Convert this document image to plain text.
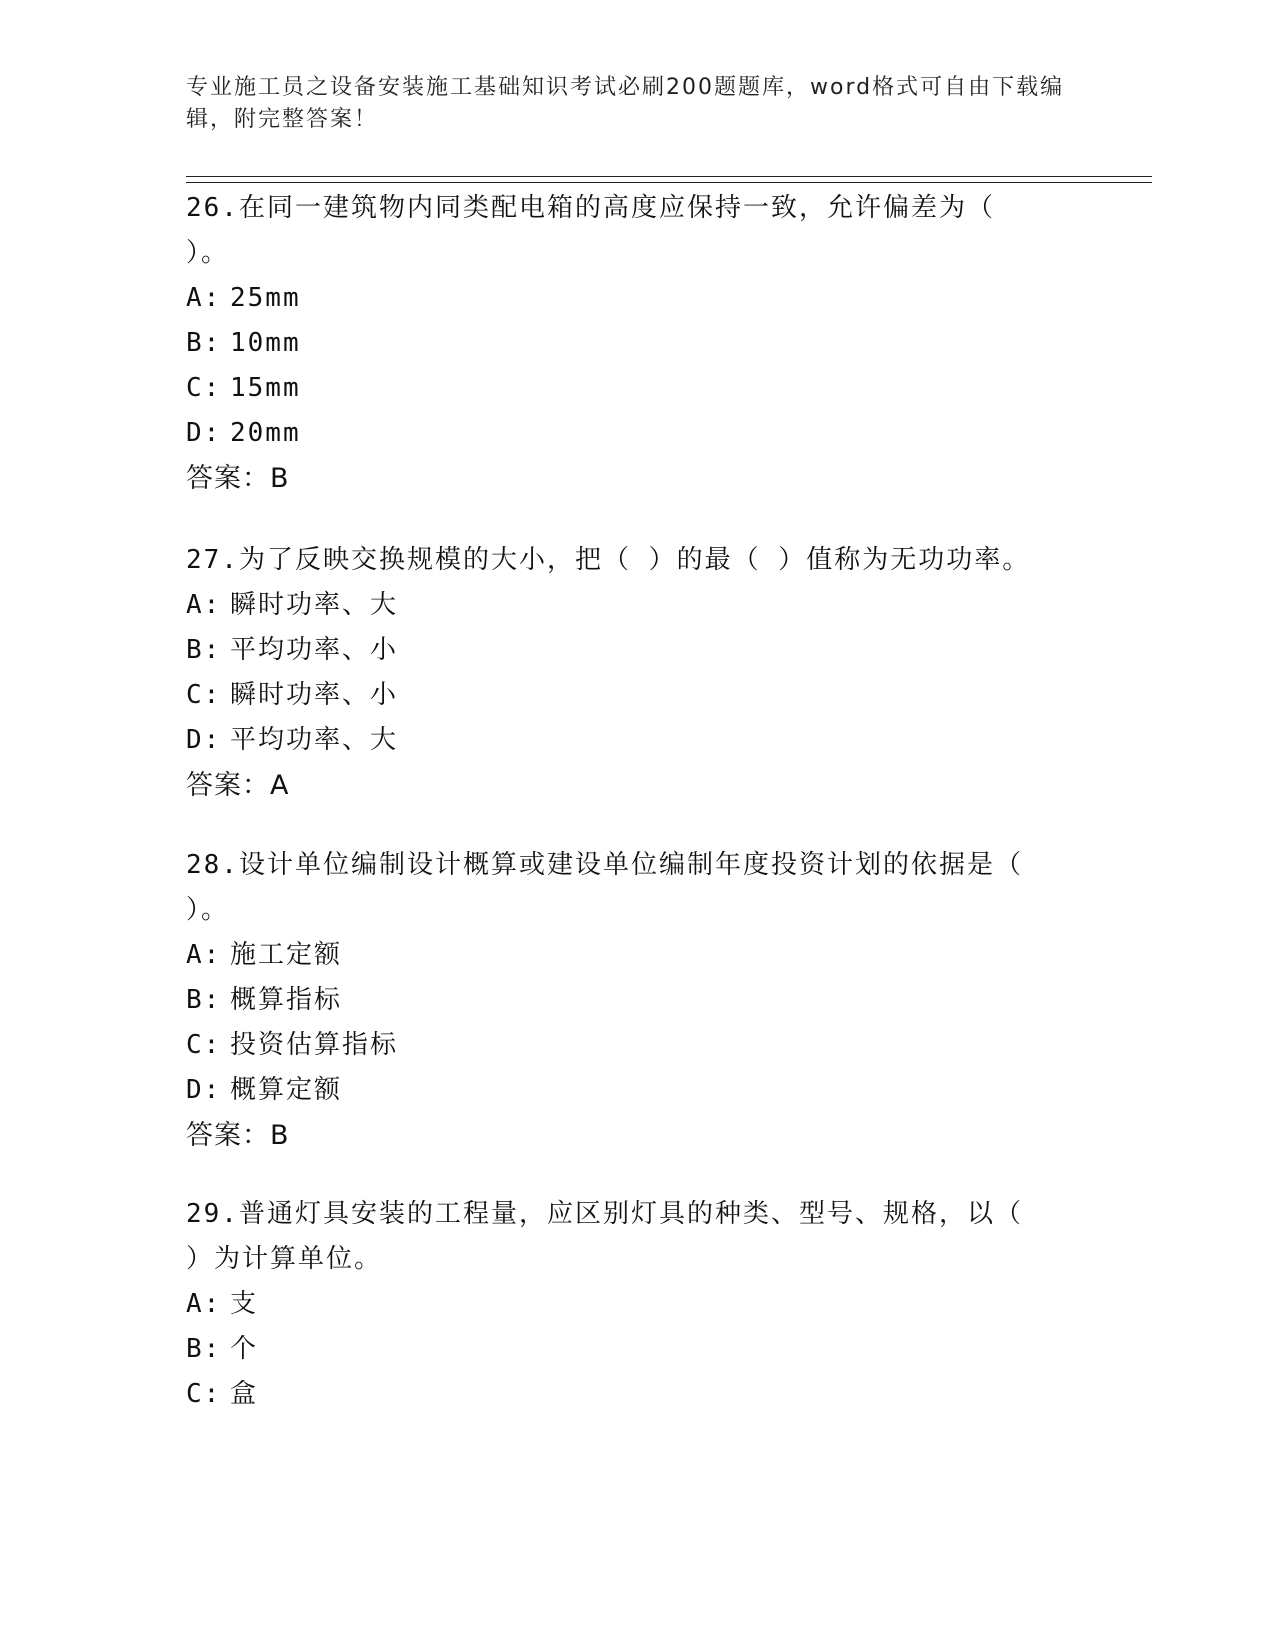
专业施工员之设备安装施工基础知识考试必刷200题题库，word格式可自由下载编辑，附完整答案！
26.在同一建筑物内同类配电箱的高度应保持一致，允许偏差为（ ）。
A: 25mm
B: 10mm
C: 15mm
D: 20mm
答案：B
27.为了反映交换规模的大小，把（ ）的最（ ）值称为无功功率。
A: 瞬时功率、大
B: 平均功率、小
C: 瞬时功率、小
D: 平均功率、大
答案：A
28.设计单位编制设计概算或建设单位编制年度投资计划的依据是（ ）。
A: 施工定额
B: 概算指标
C: 投资估算指标
D: 概算定额
答案：B
29.普通灯具安装的工程量，应区别灯具的种类、型号、规格，以（ ）为计算单位。
A: 支
B: 个
C: 盒
